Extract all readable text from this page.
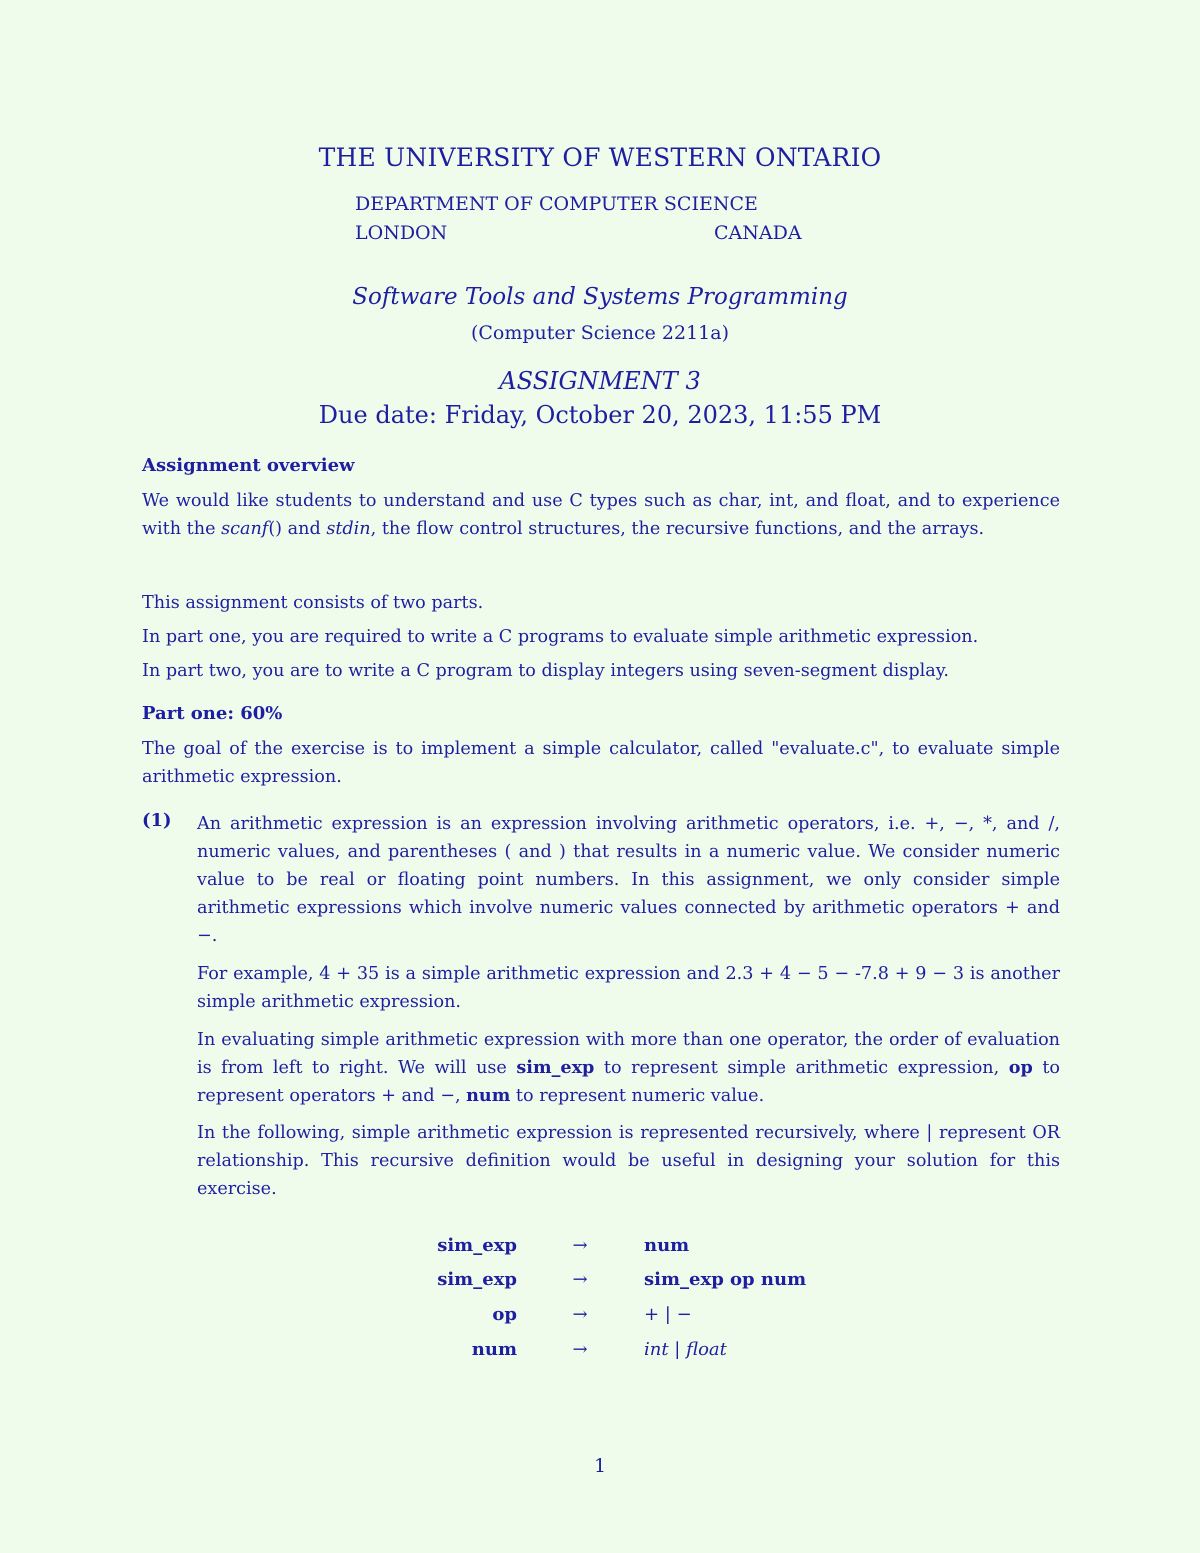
THE UNIVERSITY OF WESTERN ONTARIO
DEPARTMENT OF COMPUTER SCIENCE
LONDON	CANADA
Software Tools and Systems Programming
(Computer Science 2211a)
ASSIGNMENT 3
Due date: Friday, October 20, 2023, 11:55 PM
Assignment overview
We would like students to understand and use C types such as char, int, and float, and to experience with the scanf() and stdin, the flow control structures, the recursive functions, and the arrays.
This assignment consists of two parts.
In part one, you are required to write a C programs to evaluate simple arithmetic expression.
In part two, you are to write a C program to display integers using seven-segment display.
Part one: 60%
The goal of the exercise is to implement a simple calculator, called "evaluate.c", to evaluate simple arithmetic expression.
(1) An arithmetic expression is an expression involving arithmetic operators, i.e. +, −, *, and /, numeric values, and parentheses ( and ) that results in a numeric value. We consider numeric value to be real or floating point numbers. In this assignment, we only consider simple arithmetic expressions which involve numeric values connected by arithmetic operators + and −.
For example, 4 + 35 is a simple arithmetic expression and 2.3 + 4 − 5 − -7.8 + 9 − 3 is another simple arithmetic expression.
In evaluating simple arithmetic expression with more than one operator, the order of evaluation is from left to right. We will use sim_exp to represent simple arithmetic expression, op to represent operators + and −, num to represent numeric value.
In the following, simple arithmetic expression is represented recursively, where | represent OR relationship. This recursive definition would be useful in designing your solution for this exercise.
sim_exp	→	num
sim_exp	→	sim_exp op num
op	→	+ | −
num	→	int | float
1
